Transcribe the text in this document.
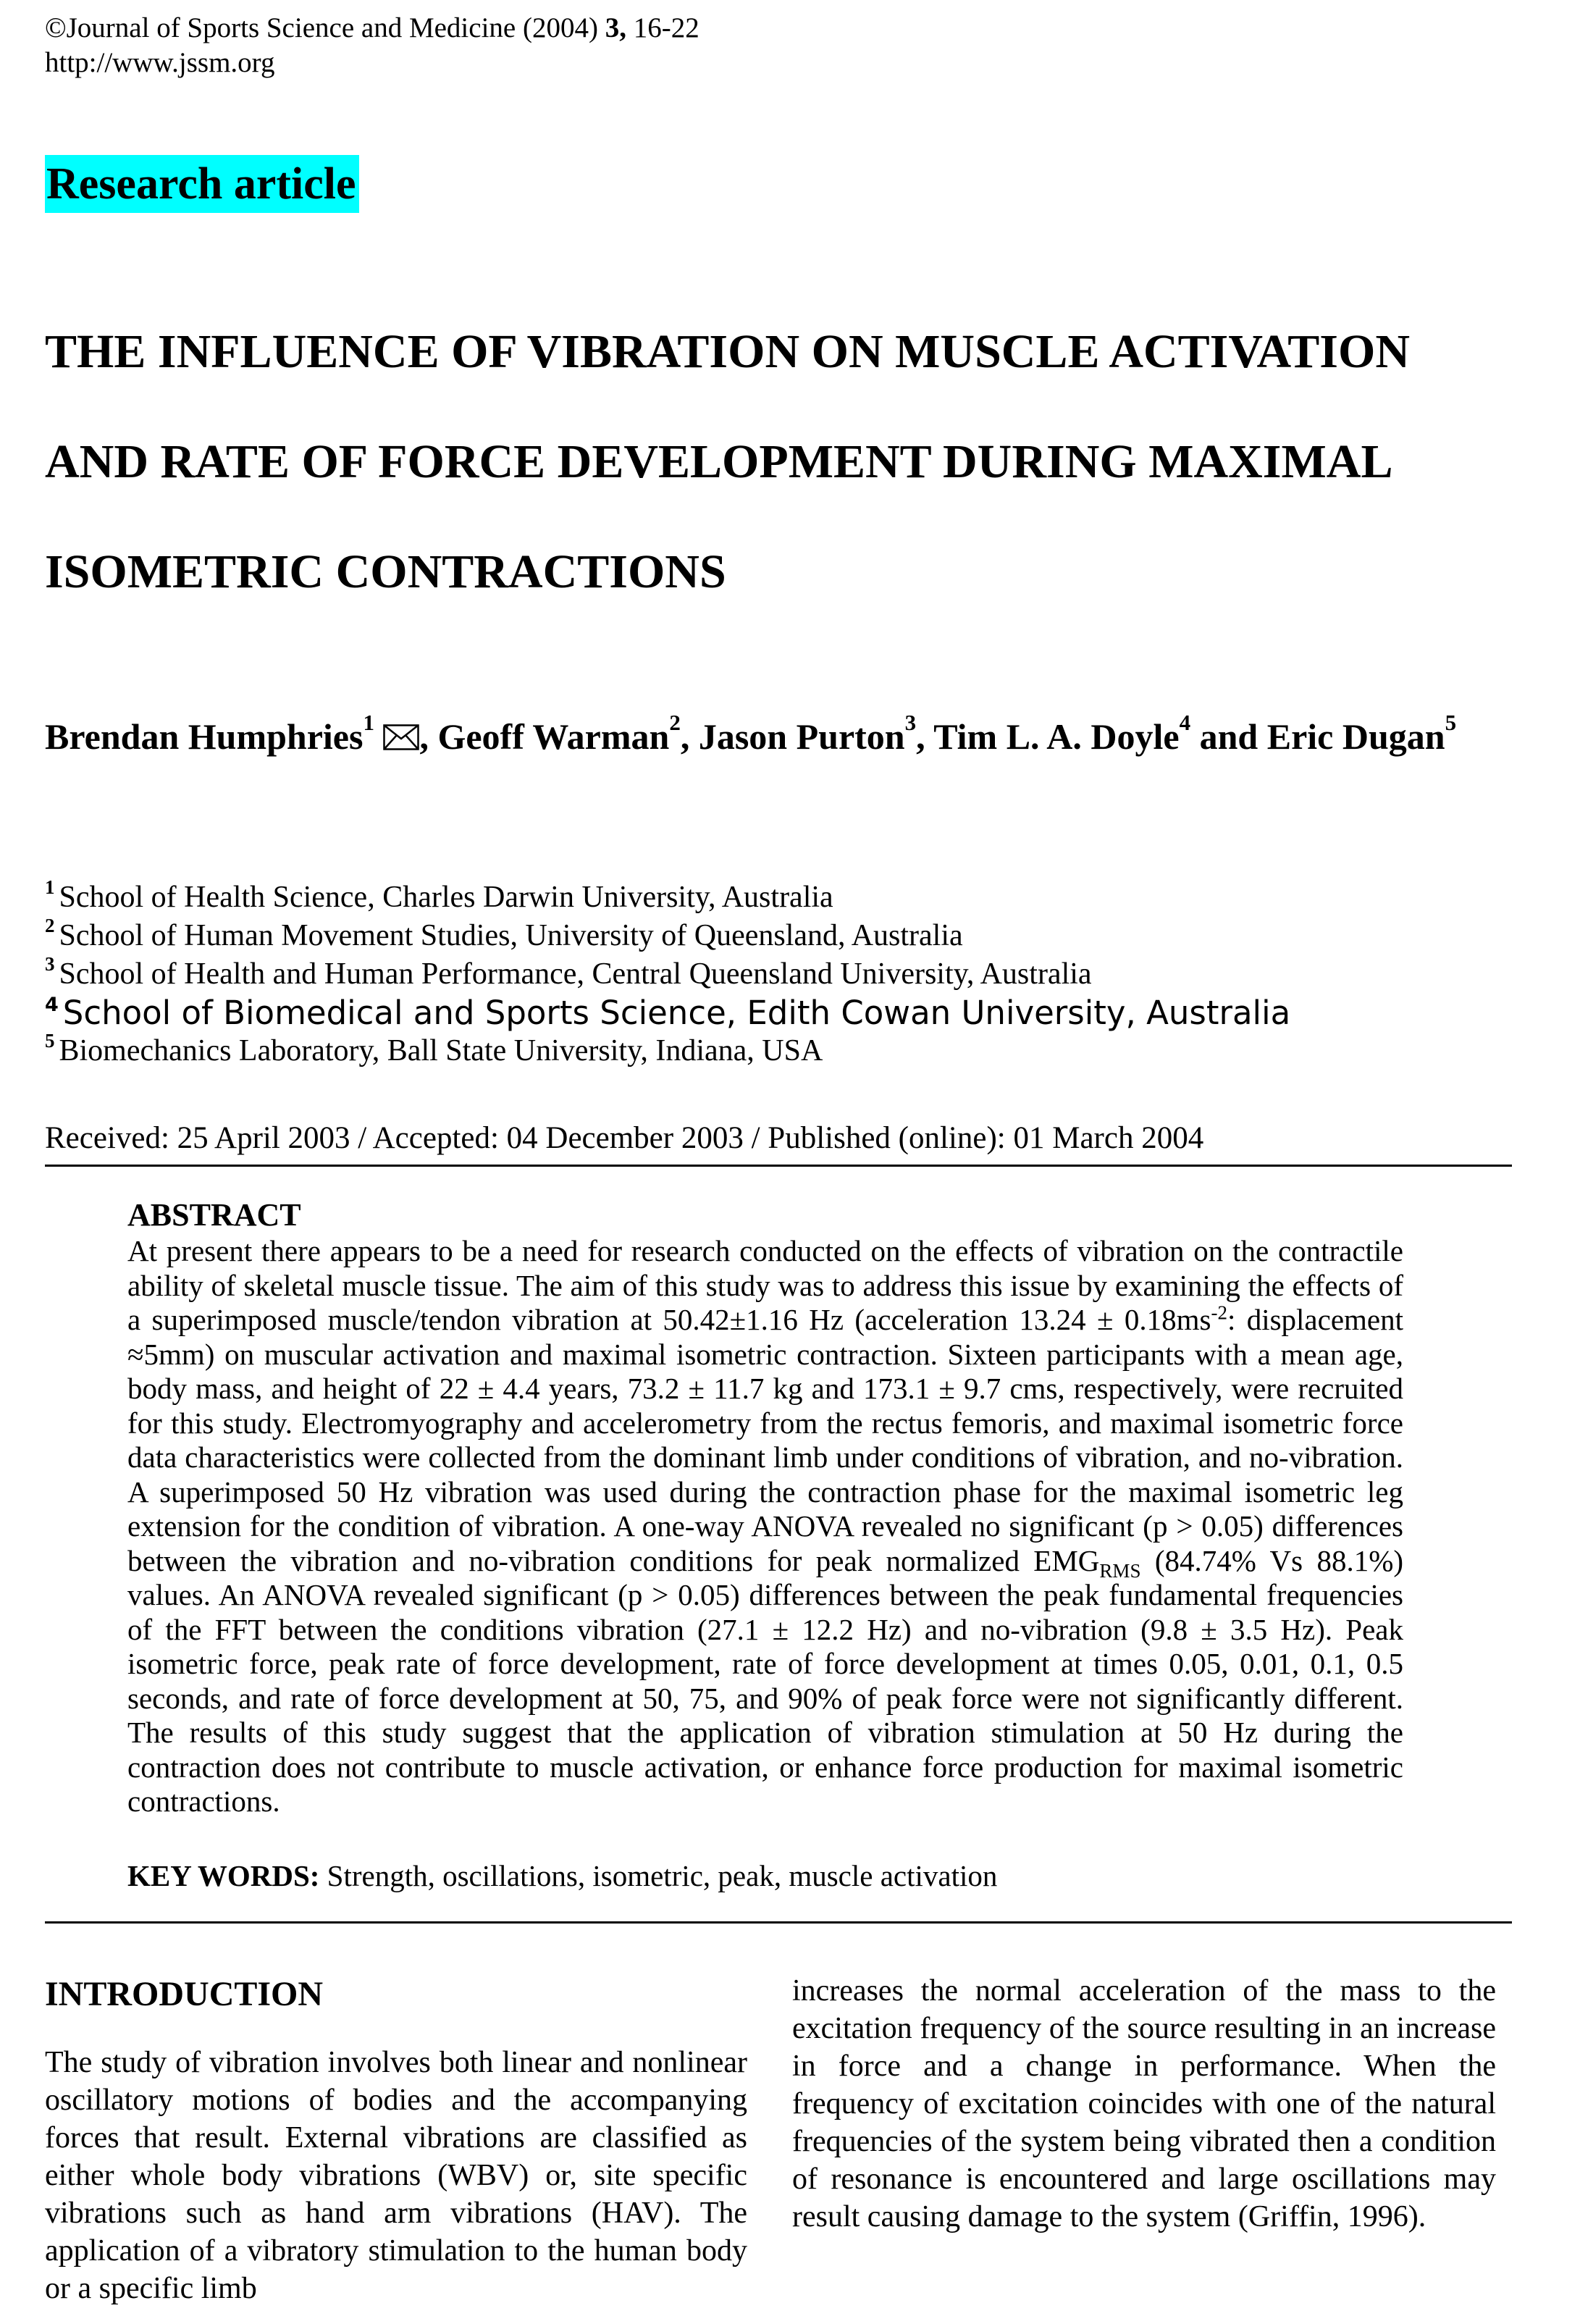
©Journal of Sports Science and Medicine (2004) 3, 16-22
http://www.jssm.org
Research article
THE INFLUENCE OF VIBRATION ON MUSCLE ACTIVATION AND RATE OF FORCE DEVELOPMENT DURING MAXIMAL ISOMETRIC CONTRACTIONS
Brendan Humphries$^1$ , Geoff Warman$^2$, Jason Purton$^3$, Tim L. A. Doyle$^4$ and Eric Dugan$^5$
$^1$ School of Health Science, Charles Darwin University, Australia
$^2$ School of Human Movement Studies, University of Queensland, Australia
$^3$ School of Health and Human Performance, Central Queensland University, Australia
$^4$ School of Biomedical and Sports Science, Edith Cowan University, Australia
$^5$ Biomechanics Laboratory, Ball State University, Indiana, USA
Received: 25 April 2003 / Accepted: 04 December 2003 / Published (online): 01 March 2004
ABSTRACT
At present there appears to be a need for research conducted on the effects of vibration on the contractile ability of skeletal muscle tissue. The aim of this study was to address this issue by examining the effects of a superimposed muscle/tendon vibration at 50.42±1.16 Hz (acceleration $13.24 \pm 0.18ms^{-2}$: displacement ≈5mm) on muscular activation and maximal isometric contraction. Sixteen participants with a mean age, body mass, and height of 22 ± 4.4 years, 73.2 ± 11.7 kg and 173.1 ± 9.7 cms, respectively, were recruited for this study. Electromyography and accelerometry from the rectus femoris, and maximal isometric force data characteristics were collected from the dominant limb under conditions of vibration, and no-vibration. A superimposed 50 Hz vibration was used during the contraction phase for the maximal isometric leg extension for the condition of vibration. A one-way ANOVA revealed no significant (p > 0.05) differences between the vibration and no-vibration conditions for peak normalized $EMG_{RMS}$ (84.74% Vs 88.1%) values. An ANOVA revealed significant (p > 0.05) differences between the peak fundamental frequencies of the FFT between the conditions vibration (27.1 ± 12.2 Hz) and no-vibration (9.8 ± 3.5 Hz). Peak isometric force, peak rate of force development, rate of force development at times 0.05, 0.01, 0.1, 0.5 seconds, and rate of force development at 50, 75, and 90% of peak force were not significantly different. The results of this study suggest that the application of vibration stimulation at 50 Hz during the contraction does not contribute to muscle activation, or enhance force production for maximal isometric contractions.
KEY WORDS: Strength, oscillations, isometric, peak, muscle activation
INTRODUCTION
The study of vibration involves both linear and nonlinear oscillatory motions of bodies and the accompanying forces that result. External vibrations are classified as either whole body vibrations (WBV) or, site specific vibrations such as hand arm vibrations (HAV). The application of a vibratory stimulation to the human body or a specific limb
increases the normal acceleration of the mass to the excitation frequency of the source resulting in an increase in force and a change in performance. When the frequency of excitation coincides with one of the natural frequencies of the system being vibrated then a condition of resonance is encountered and large oscillations may result causing damage to the system (Griffin, 1996).
